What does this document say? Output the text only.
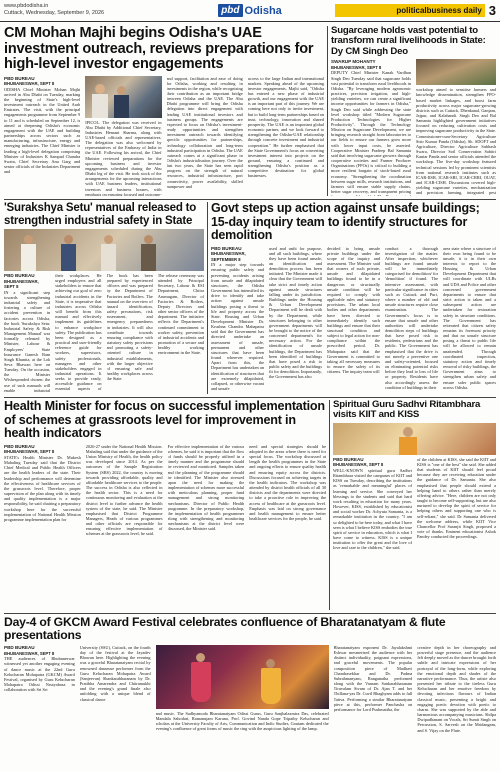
www.pbdodisha.in
Cuttack, Wednesday, September 9, 2026	pbd Odisha	politicalbusiness daily 3
CM Mohan Majhi begins Odisha's UAE investment outreach, reviews preparations for high-level investor engagements
PBD BUREAU
BHUBANESWAR, SEPT 8

ODISHA Chief Minister Mohan Majhi arrived in Abu Dhabi on Tuesday, marking the beginning of State's high-level investment outreach in the United Arab Emirates. The visit, with the principal engagements programme from September 9 to 11 and is scheduled on September 12, is aimed at deepening Odisha's economic engagement with the UAE and building partnerships across sectors such as manufacturing, infrastructure, energy and emerging industries. The Chief Minister is leading a high-level delegation comprising Minister of Industries K Sampad Chandra Swain, Chief Secretary Anu Garg and senior officials of the Industries Department and

IPICOL. The delegation was received in Abu Dhabi by Additional Chief Secretary, Industries Hemant Sharma, along with UAE-based officials and representatives. The delegation was also welcomed by representatives of the Embassy of India in the UAE. Following his arrival, the Chief Minister reviewed preparations for the upcoming business and investor engagements scheduled during the Abu Dhabi leg of the visit. He took stock of the arrangements for the upcoming interactions with UAE business leaders, institutional investors and business houses, with emphasis on ensuring focused and outcome-

and support, facilitation and ease of doing for Odisha, working and resulting in investments in the region, while recognising their contribution as an important bridge between Odisha and the UAE. The Abu Dhabi programme will bring the Odisha delegation into direct engagement with leading UAE institutional investors and business groups. The engagements are expected to focus on Odisha's investment-ready opportunities and strengthen investment outreach towards identifying specific opportunities for partnerships, technology collaboration and long-term industrial participation in Odisha. The UAE outreach comes at a significant phase in Odisha's industrialisation journey. Over the last two years, the State has seen rapid progress on the strength of natural resources, industrial infrastructure, port connectivity, power availability, skilled manpower and

access to the large Indian and international markets. Speaking ahead of the upcoming investor engagements, Majhi said, "Odisha has entered a new phase of industrial growth, and our engagement with the UAE is an important part of this journey. We are coming here not only to invite investment, but to build long-term partnerships based on trust, technology, innovation and shared prosperity. The UAE is an important global economic partner, and we look forward to strengthening the Odisha-UAE relationship through concrete investment and industrial cooperation." He further emphasised that the State Government's focus on converting investment interest into projects on the ground, ensuring a continued and strengthening Odisha's position as a competitive destination for global businesses.

Sugarcane holds vast potential to transform rural livelihoods in State: Dy CM Singh Deo
SWARUP MOHANTY
BHUBANESWAR, SEPT 8

DEPUTY Chief Minister Kanak Vardhan Singh Deo Tuesday said that sugarcane holds vast potential to transform rural livelihoods in Odisha. "By leveraging modern agronomic practices, precision irrigation, and high-yielding varieties, we can create a significant income opportunities for farmers in Odisha," Singh Deo said while addressing the state level workshop titled "Modern Sugarcane Production Technologies for Higher Productivity". Through the Technology Mission on Sugarcane Development, we are bringing research straight from laboratories to our fields to ensure our farmers grow more with lower input costs, he asserted. Cooperative Minister Pradeep Bal Samanta said that involving sugarcane growers through cooperative societies and Farmer Producer Organisations (FPOs) is critical to building a more resilient bargain of stock-based rural economy. "Strengthening the coordination between sugar mills, research institutions, and farmers will ensure stable supply chains, better sugar recovery, and transparent pricing

workshop aimed to sensitise farmers and knowledge dissemination, strengthen FPO-based market linkages, and boost farm productivity across major sugarcane-growing districts such as Cuttack, Dhenkanal, Ganjam, Jajpur, and Kalahandi. Singh Deo and Bal Samanta highlighted government initiatives focused on reducing cultivation costs and improving sugarcane productivity in the State. Commissioner-cum-Secretary Agriculture Sisir Kumar Panda (Odisha), Sh. SDOFT and Agriculture, Director Agriculture Subhash Swara, Director Soil Conservation Sabitri Kaniar Panda and senior officials attended the workshop. The five-day workshop featured technical sessions led by prominent scientists from national research institutes such as ICAR-IISR, ICAR-SBI, ICAR-CRRI, OUAT, and ICAR-CISH. Discussions covered high-yielding sugarcane varieties, mechanization and precision farming, integrated pest

'Surakshya Setu' manual released to strengthen industrial safety in State
PBD BUREAU
BHUBANESWAR, SEPT 8

IN a significant step towards strengthening industrial safety and fostering a culture of accident prevention in factories across Odisha, the book 'Surakshya Setu: Industrial Safety & Risk Management Manual' was formally released by Minister, Labour & Employees' State Insurance Ganesh Ram Singh Khuntia, at the Lok Seva Bhawan here on Tuesday. On the occasion, the Minister Wishesponded chosen: the use of such manuals will enable industrial

their workplaces. He urged employers and all stakeholders to ensure that achieving our goal of zero industrial accidents in the State, it is imperative that industries across Odisha will benefit from this manual and effectively implement its guidelines to enhance workplace safety. The publication has been designed as a practical and user-friendly reference guide for workers, supervisors, safety professionals, managers and other stakeholders engaged in industrial operations. It seeks to provide ready, accessible guidance on essential aspects of

The book has been prepared by experienced officers and was prepared by the Department of Factories and Boilers. The manual on the overview of hazard identification, safety precautions, risk assessment, and emergency preparedness in industries. It will also contribute towards ensuring compliance with statutory safety provisions and promoting a safety-oriented culture in industrial establishments, with the larger objective of ensuring safe and healthy workplaces across the State.

The release ceremony was attended by Principal Secretary, Labour & ESI Department, Chitra Arumugam, Director of Factories & Boilers, Deputy Directors and other senior officers of the department. The initiative reflects the Department's continued commitment to worker safety, prevention of industrial accidents and promotion of a secure and healthy working environment in the State.

Govt steps up action against unsafe buildings; 15-day inquiry team to identify structures for demolition
PBD BUREAU
BHUBANESWAR, SEPTEMBER 8

IN a major step towards ensuring public safety and preventing accidents arising from unsafe and dilapidated structures, the Odisha Government has intensified its drive to identify and take action against unsafe buildings posing a threat to life and property across the State. Housing and Urban Development Minister Dr. Krushna Chandra Mahapatra said that the Government has directed undertake an assessment of unsafe, permanent and other structures that have been found wherever required. Apart from this, the Department has undertaken an identification of structures that are extremely dilapidated, collapsed, or otherwise vacant and unsafe

used and unfit for purpose, and all such buildings, where they have been found unsafe, an identification and demolition process has been initiated. The Minister made it clear that the Government will take strict and timely action against unsafe structures falling under its jurisdiction. Buildings under the Housing & Urban Development Department will be dealt with by the Department, while structures belonging to other government departments will be brought to the notice of the concerned department/s for necessary action. For the identification of unsafe buildings, the Department has been identified of buildings that have posed a risk to public safety and the buildings fit for demolition. Importantly, the Government has also

decided to bring unsafe private buildings under the scope of the inquiry and assessment. The Minister said that owners of such private, unsafe and dilapidated buildings found to be in a dangerous or structurally unsafe condition will be required to comply with applicable rules and statutory provisions. The urban local bodies and other departments have been directed to immediately identify such buildings and ensure that their structural condition and subject to legal action for non-compliance within the prescribed period. Dr. Mahapatra said that the Government is committed to taking all necessary measures to ensure the safety of its citizens. The inquiry team will

conduct a thorough investigation of the matter. After inspection, whichever buildings are found unsafe will be immediately categorised for demolition/ for 'demolition' if found. The intensive assessment, with particular significance in cities such as Cuttack and Puri, where a number of old and unsafe structures require close examination. The Government's focus is to ensure that unsafe and other authorities will undertake demolition steps of buildings that have posed risk to residents, pedestrians and the public. The Government has emphasised that the drive is not merely a preventive one and safety-oriented, focused on eliminating potential risks before they lead to loss of life or property. Residents have also accordingly assess the condition of buildings in their

area state where a structure of their own being found to be unsafe, it is in their own interests to report to the Housing & Urban Development Department that will coordinate with ULBs and UDA and Police and other concerned government departments to ensure that strict action is taken and a subsequent action are undertaken for restoration safety in structure conditions. The Government has reiterated that citizen safety remains its foremost priority and that no unsafe structure posing a threat to public life will be allowed to remain unattended. Through coordinated inspection, statutory action and timely removal of risky buildings, the Government aims to strengthen urban safety and ensure safer public spaces across Odisha.

Health Minister for focus on successful implementation of schemes at grassroots level for improvement in health indicators
PBD BUREAU
BHUBANESWAR, SEPT 8

STATE's Health Minister Dr. Mukesh Mahaling Tuesday said that the District Chief Medical and Public Health Officers are the health leaders of the state. Their leadership and performance will determine the effectiveness of healthcare services of the grassroots level. Therefore, proper supervision of the plan along with its timely and quality implementation is a major responsibility, he said chairing a preparatory workshop here for the successful implementation of National Health Mission programme implementation plan for

2026-27 under the National Health Mission. Mahaling said that under the guidance of the Union Ministry of Health, the health policy was developed since 2014. As per the outcomes of the Sample Registration System (SRS) 2022, the country is moving towards providing affordable, quality and affordable healthcare services to the people. The success in Odisha is also reflected in the health sector. This is a need for continuous monitoring and evaluation at the district level to further advance the health system of the state, he said. The Minister emphasised that District Programme Managers, Heads of various programmes and other officials are responsible for ensuring effective implementation of schemes at the grassroots level, he said.

For effective implementation of the various schemes, he said it is important that the flow of funds should be properly utilised in a timely manner and the programme should be reviewed and monitored. Samples taken and the planning of the programme should be identified. The Minister also stressed upon the need for making the implementation of schemes more successful with meticulous planning, proper fund management and strong monitoring mechanisms. Director of Public Health programme. In the preparatory workshop, the implementation of health programmes along with strengthening and monitoring mechanisms at the district level were discussed, the Minister said.

need and special strategies should be adopted in the areas where there is need for special focus. The workshop discussed at length the health programmes in the State and ongoing efforts to ensure quality health and ensuring equity across the districts. Discussions focused on achieving targets in the health indicators. The workshop was attended by district health officials of all 30 districts and the departments were directed to take a proactive role in improving the access of healthcare at the grassroots level. Emphasis was laid on strong governance and health management to ensure better healthcare services for the people, he said.

Spiritual Guru Sadhvi Ritambhara visits KIIT and KISS
PBD BUREAU
BHUBANESWAR, SEPT 8

WELL-KNOWN spiritual guru Sadhvi Ritambhara visited the campuses of KIIT and KISS on Tuesday, describing the institutions as 'remarkable and meaningful' places of learning and service. She conveyed her blessings to the students and said that hard work resulting in education for many years. However, KISS, established by educationist and social worker Dr. Achyuta Samanta, is a remarkable institution in the country. "I am so delighted to be here today, and what I have seen is what I believe KISS embodies the true spirit of service in education, which is what I have come to witness. KISS is a unique institution to offer the great and the love of love and care to the children," she said.

of the children at KISS, she said the KIIT and KISS is "one of the best" she said. She added that students of KIIT should feel proud because they are receiving education under the guidance of Dr. Samanta. She also emphasised that people should extend a helping hand to others rather than merely offering advice. "Here, children are not only taught to become self-supporting, but are also nurtured to develop the spirit of service for helping others and supporting one who is self-reliant," she said. Dr Samanta delivered the welcome address, while KIIT Vice Chancellor Prof Saranjit Singh, proposed a vote of thanks. Eminent educationist Ashok Pandey conducted the proceedings.

Day-4 of GKCM Award Festival celebrates confluence of Bharatanatyam & flute presentations
PBD BUREAU
BHUBANESWAR, SEPT 8

THE audiences of Bhubaneswar witnessed yet another engaging evening of dance music at the 22nd Guru Kelucharan Mohapatra (GKCM) Award Festival, organised by Guru Kelucharan Mohapatra Odissi Nrutyabasa in collaboration with Sri Sri

University (SSU), Cuttack, on the fourth day of the festival at the Jayadev Bhawan here. Highlighting the evening was a graceful Bharatanatyam recital by renowned danseuse performer from the Guru Kelucharan Mohapatra Award (Sanjeevan) Shankarabharanam by Dr. Pratibha Amarendra and Chitramukhi and the evening's grand finale also unfolding with a unique blend of classical dance

and music. The Sadhyamoda Bharatanatyam Odissi Gurus, Guru Sanjhalaxmira Das, celebrated Mandala Sahodari, Ramanujam Karuna, Prof. Govind Nanda Gope Tripathy Kelucharan and scholars at the University Faculty of Arts, Communication and Indic Studies, Goutam dedicated the evening's confluence of great forms of music the ring with the auspicious lighting of the lamp.

Bharatanatyam exponent Dr. Jayalakshmi Eshwar mesmerised the audience with her distinct individuality, poignant expressions, and graceful movements. The popular composition piece of Madhavi Chandrasekhar and Dr. Padma Subrahmanyam, Ranganatha performed along with the Varnam Sankarabharanam Tiruvalam Sivam of Dr. Ajan T. and her Thillana-yas Dr. Cuvil Bhaghyam adds to full Tattva. Performing a similar Bharatanatyam piece at this, performer Panchasha on performance for Lord Pushmattha, the

creative depth in her choreography and powerful stage presence, and the audience felt deeply moved as the dancer brought forth subtle and intricate expressions of her portrayal of the long-form, while exploring the emotional depth and shades of the narrative performance. Thus, the artiste also presented her tribute to the tireless Guru Kelucharan and her emotive freedom by devoting infectious flavours of Indian classical music, presenting a bright and engaging poetic devotion with poetic to charm. She was supported by the able and harmonious accompanying musicians. Shilpa Dwipadhanam on Vocals, Sri Sumit Singh on Percussion, S. Sarvesh on the Mridangam, and S. Vijay on the Flute.
